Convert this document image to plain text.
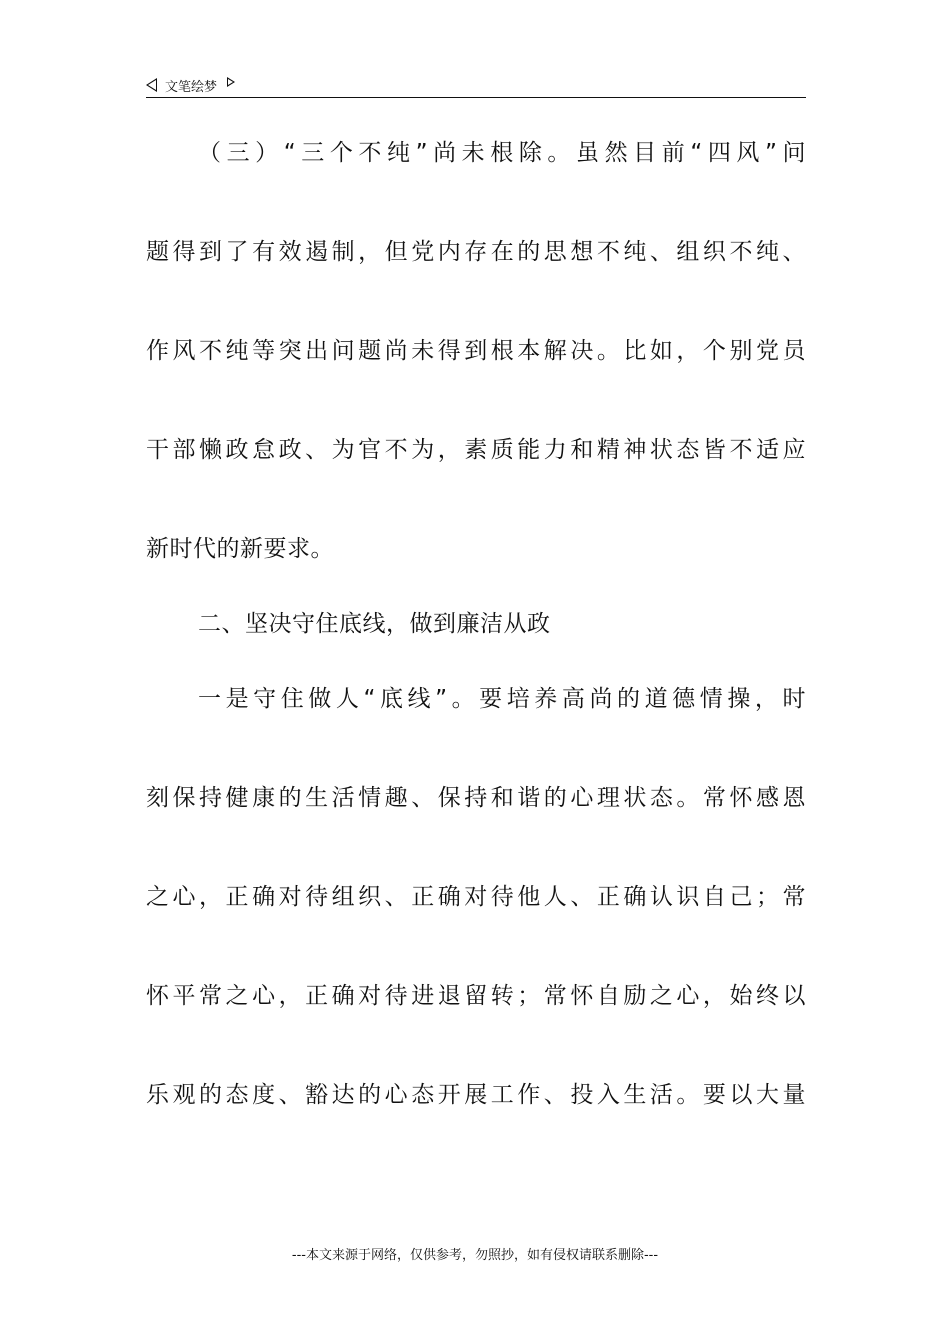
文笔绘梦
（三）“三个不纯”尚未根除。虽然目前“四风”问
题得到了有效遏制，但党内存在的思想不纯、组织不纯、
作风不纯等突出问题尚未得到根本解决。比如，个别党员
干部懒政怠政、为官不为，素质能力和精神状态皆不适应
新时代的新要求。
二、坚决守住底线，做到廉洁从政
一是守住做人“底线”。要培养高尚的道德情操，时
刻保持健康的生活情趣、保持和谐的心理状态。常怀感恩
之心，正确对待组织、正确对待他人、正确认识自己；常
怀平常之心，正确对待进退留转；常怀自励之心，始终以
乐观的态度、豁达的心态开展工作、投入生活。要以大量
---本文来源于网络，仅供参考，勿照抄，如有侵权请联系删除---
